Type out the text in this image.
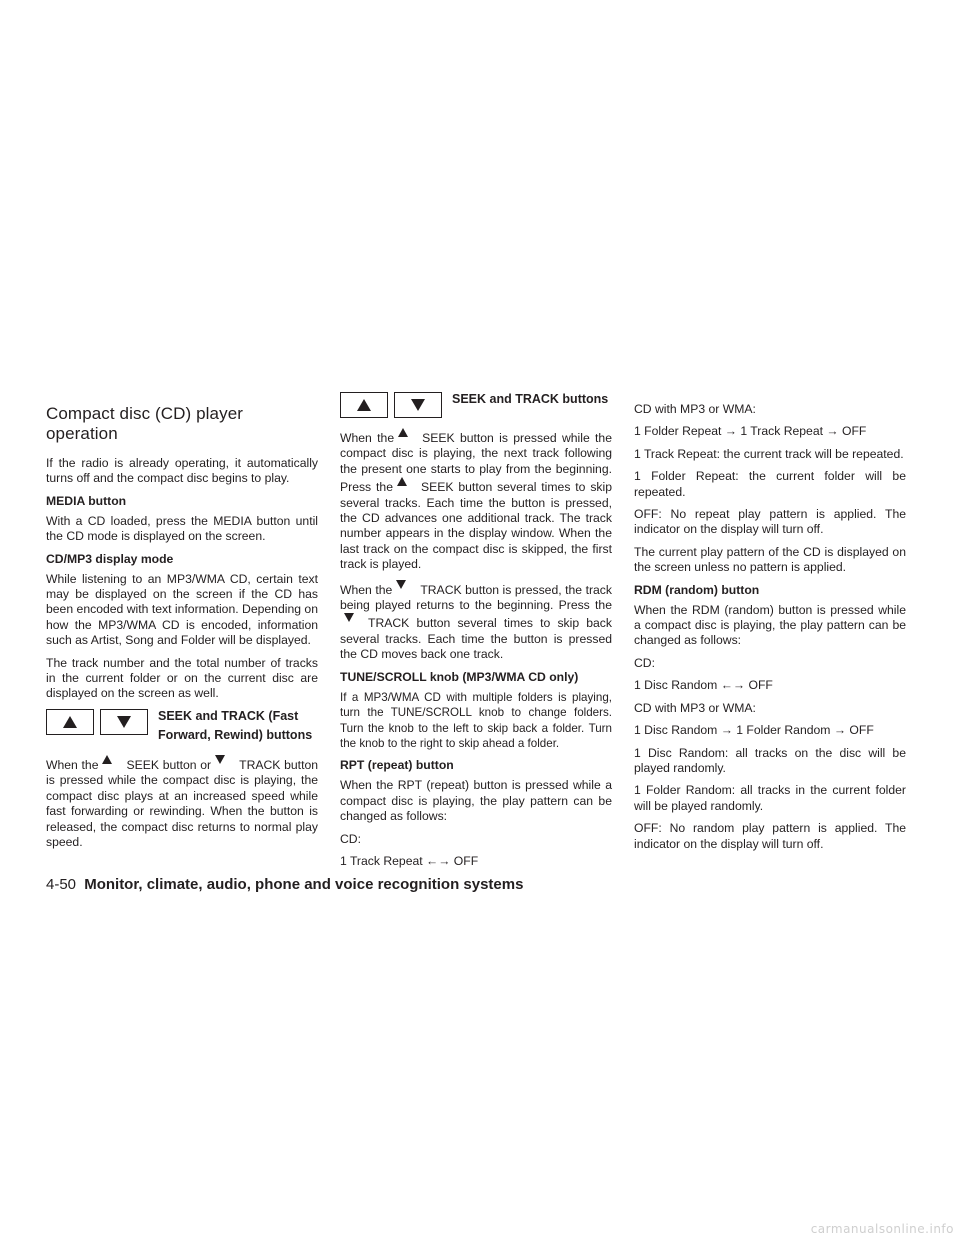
Compact disc (CD) player operation

If the radio is already operating, it automatically turns off and the compact disc begins to play.

MEDIA button

With a CD loaded, press the MEDIA button until the CD mode is displayed on the screen.

CD/MP3 display mode

While listening to an MP3/WMA CD, certain text may be displayed on the screen if the CD has been encoded with text information. Depending on how the MP3/WMA CD is encoded, information such as Artist, Song and Folder will be displayed.

The track number and the total number of tracks in the current folder or on the current disc are displayed on the screen as well.

SEEK and TRACK (Fast
Forward, Rewind) buttons

When the SEEK button or TRACK button is pressed while the compact disc is playing, the compact disc plays at an increased speed while fast forwarding or rewinding. When the button is released, the compact disc returns to normal play speed.

SEEK and TRACK buttons

When the SEEK button is pressed while the compact disc is playing, the next track following the present one starts to play from the beginning. Press the SEEK button several times to skip several tracks. Each time the button is pressed, the CD advances one additional track. The track number appears in the display window. When the last track on the compact disc is skipped, the first track is played.

When the TRACK button is pressed, the track being played returns to the beginning. Press theTRACK button several times to skip back several tracks. Each time the button is pressed the CD moves back one track.

TUNE/SCROLL knob (MP3/WMA CD only)

If a MP3/WMA CD with multiple folders is playing, turn the TUNE/SCROLL knob to change folders. Turn the knob to the left to skip back a folder. Turn the knob to the right to skip ahead a folder.

RPT (repeat) button

When the RPT (repeat) button is pressed while a compact disc is playing, the play pattern can be changed as follows:

CD:

1 Track Repeat ←→ OFF

CD with MP3 or WMA:

1 Folder Repeat → 1 Track Repeat → OFF

1 Track Repeat: the current track will be repeated.

1 Folder Repeat: the current folder will be repeated.

OFF: No repeat play pattern is applied. The indicator on the display will turn off.

The current play pattern of the CD is displayed on the screen unless no pattern is applied.

RDM (random) button

When the RDM (random) button is pressed while a compact disc is playing, the play pattern can be changed as follows:

CD:

1 Disc Random ←→ OFF

CD with MP3 or WMA:

1 Disc Random → 1 Folder Random → OFF

1 Disc Random: all tracks on the disc will be played randomly.

1 Folder Random: all tracks in the current folder will be played randomly.

OFF: No random play pattern is applied. The indicator on the display will turn off.

4-50 Monitor, climate, audio, phone and voice recognition systems
carmanualsonline.info
